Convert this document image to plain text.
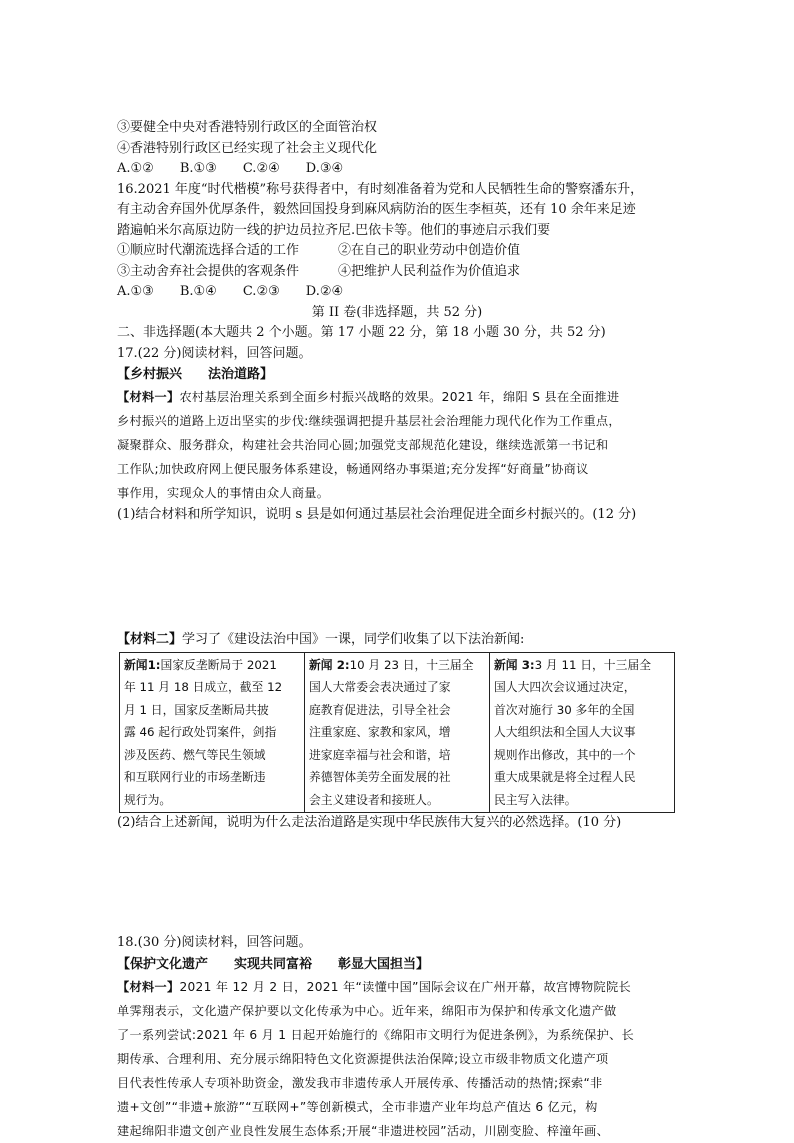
③要健全中央对香港特别行政区的全面管治权
④香港特别行政区已经实现了社会主义现代化
A.①②　　B.①③　　C.②④　　D.③④
16.2021 年度“时代楷模”称号获得者中，有时刻准备着为党和人民牺牲生命的警察潘东升，
有主动舍弃国外优厚条件，毅然回国投身到麻风病防治的医生李桓英，还有 10 余年来足迹
踏遍帕米尔高原边防一线的护边员拉齐尼.巴依卡等。他们的事迹启示我们要
①顺应时代潮流选择合适的工作　　　②在自己的职业劳动中创造价值
③主动舍弃社会提供的客观条件　　　④把维护人民利益作为价值追求
A.①③　　B.①④　　C.②③　　D.②④
第 II 卷(非选择题，共 52 分)
二、非选择题(本大题共 2 个小题。第 17 小题 22 分，第 18 小题 30 分，共 52 分)
17.(22 分)阅读材料，回答问题。
【乡村振兴　　法治道路】
【材料一】农村基层治理关系到全面乡村振兴战略的效果。2021 年，绵阳 S 县在全面推进
乡村振兴的道路上迈出坚实的步伐:继续强调把提升基层社会治理能力现代化作为工作重点，
凝聚群众、服务群众，构建社会共治同心圆;加强党支部规范化建设，继续选派第一书记和
工作队;加快政府网上便民服务体系建设，畅通网络办事渠道;充分发挥“好商量”协商议
事作用，实现众人的事情由众人商量。
(1)结合材料和所学知识，说明 s 县是如何通过基层社会治理促进全面乡村振兴的。(12 分)
【材料二】学习了《建设法治中国》一课，同学们收集了以下法治新闻:
新闻1:国家反垄断局于 2021
年 11 月 18 日成立，截至 12
月 1 日，国家反垄断局共披
露 46 起行政处罚案件，剑指
涉及医药、燃气等民生领域
和互联网行业的市场垄断违
规行为。	新闻 2:10 月 23 日，十三届全
国人大常委会表决通过了家
庭教育促进法，引导全社会
注重家庭、家教和家风，增
进家庭幸福与社会和谐，培
养德智体美劳全面发展的社
会主义建设者和接班人。	新闻 3:3 月 11 日，十三届全
国人大四次会议通过决定，
首次对施行 30 多年的全国
人大组织法和全国人大议事
规则作出修改，其中的一个
重大成果就是将全过程人民
民主写入法律。
(2)结合上述新闻，说明为什么走法治道路是实现中华民族伟大复兴的必然选择。(10 分)
18.(30 分)阅读材料，回答问题。
【保护文化遗产　　实现共同富裕　　彰显大国担当】
【材料一】2021 年 12 月 2 日，2021 年“读懂中国”国际会议在广州开幕，故宫博物院院长
单霁翔表示，文化遗产保护要以文化传承为中心。近年来，绵阳市为保护和传承文化遗产做
了一系列尝试:2021 年 6 月 1 日起开始施行的《绵阳市文明行为促进条例》，为系统保护、长
期传承、合理利用、充分展示绵阳特色文化资源提供法治保障;设立市级非物质文化遗产项
目代表性传承人专项补助资金，激发我市非遗传承人开展传承、传播活动的热情;探索“非
遗+文创”“非遗+旅游”“互联网+”等创新模式，全市非遗产业年均总产值达 6 亿元，构
建起绵阳非遗文创产业良性发展生态体系;开展“非遗进校园”活动，川剧变脸、梓潼年画、
